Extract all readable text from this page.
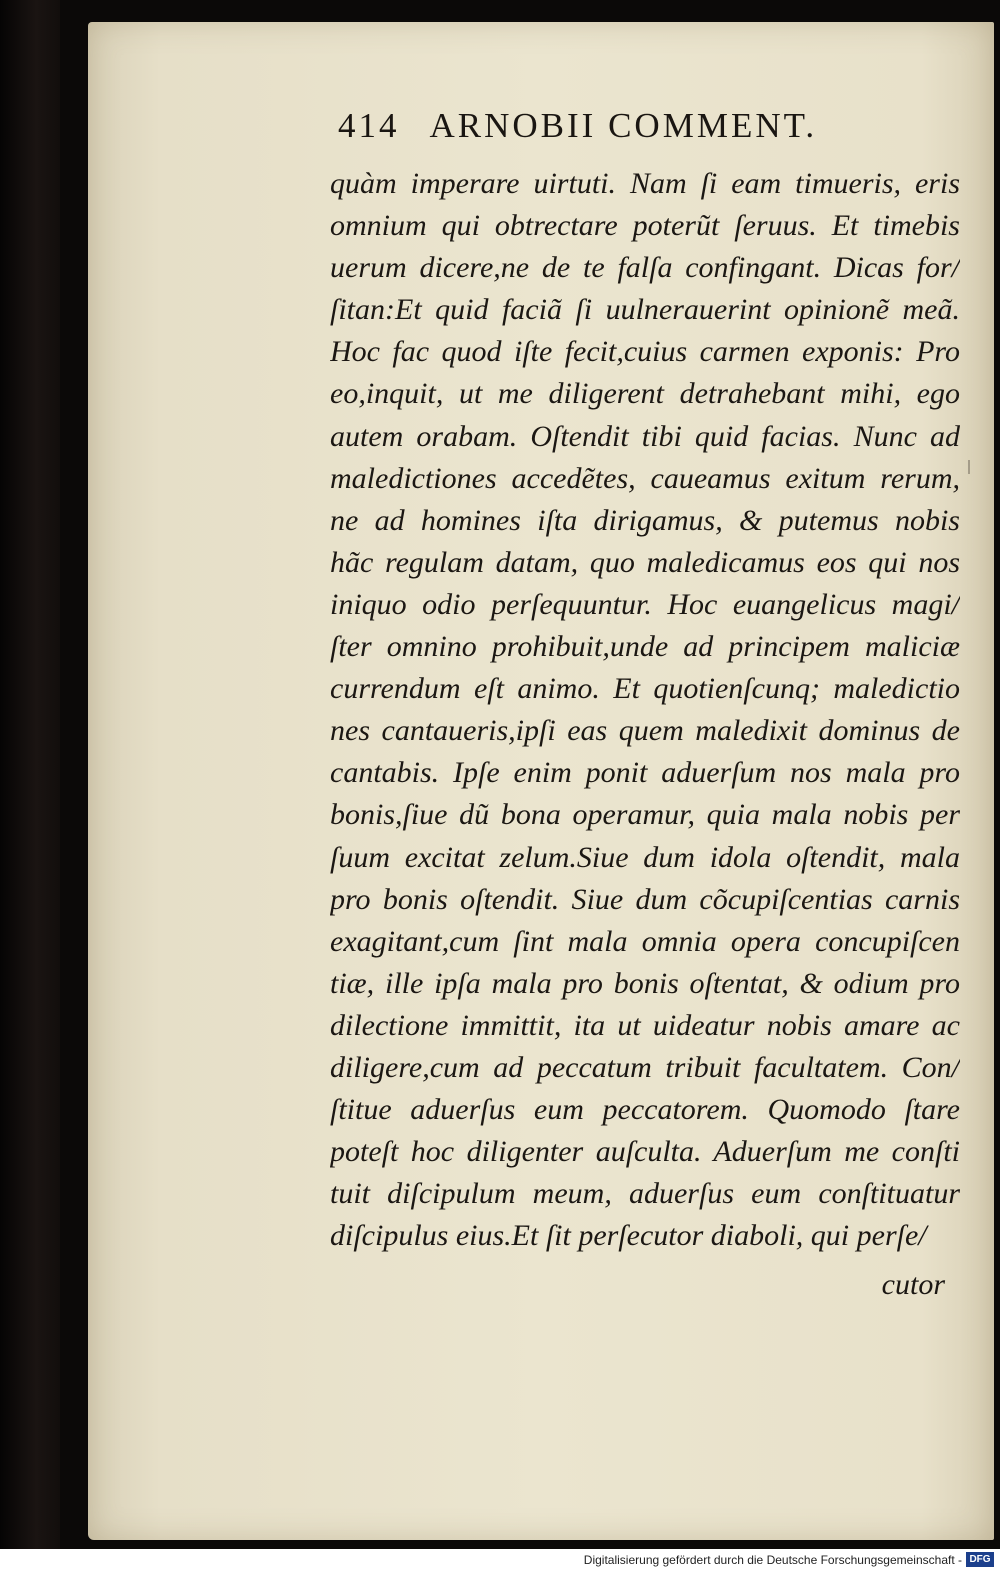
414 ARNOBII COMMENT.
quàm imperare uirtuti. Nam ſi eam timueris, eris
omnium qui obtrectare poterũt ſeruus. Et timebis
uerum dicere,ne de te falſa confingant. Dicas for/
ſitan:Et quid faciã ſi uulnerauerint opinionẽ meã.
Hoc fac quod iſte fecit,cuius carmen exponis: Pro
eo,inquit, ut me diligerent detrahebant mihi, ego
autem orabam. Oſtendit tibi quid facias. Nunc ad
maledictiones accedẽtes, caueamus exitum rerum,
ne ad homines iſta dirigamus, & putemus nobis
hãc regulam datam, quo maledicamus eos qui nos
iniquo odio perſequuntur. Hoc euangelicus magi/
ſter omnino prohibuit,unde ad principem maliciæ
currendum eſt animo. Et quotienſcunq; maledictio
nes cantaueris,ipſi eas quem maledixit dominus de
cantabis. Ipſe enim ponit aduerſum nos mala pro
bonis,ſiue dũ bona operamur, quia mala nobis per
ſuum excitat zelum.Siue dum idola oſtendit, mala
pro bonis oſtendit. Siue dum cõcupiſcentias carnis
exagitant,cum ſint mala omnia opera concupiſcen
tiæ, ille ipſa mala pro bonis oſtentat, & odium pro
dilectione immittit, ita ut uideatur nobis amare ac
diligere,cum ad peccatum tribuit facultatem. Con/
ſtitue aduerſus eum peccatorem. Quomodo ſtare
poteſt hoc diligenter auſculta. Aduerſum me conſti
tuit diſcipulum meum, aduerſus eum conſtituatur
diſcipulus eius.Et ſit perſecutor diaboli, qui perſe/
cutor
Digitalisierung gefördert durch die Deutsche Forschungsgemeinschaft - DFG
